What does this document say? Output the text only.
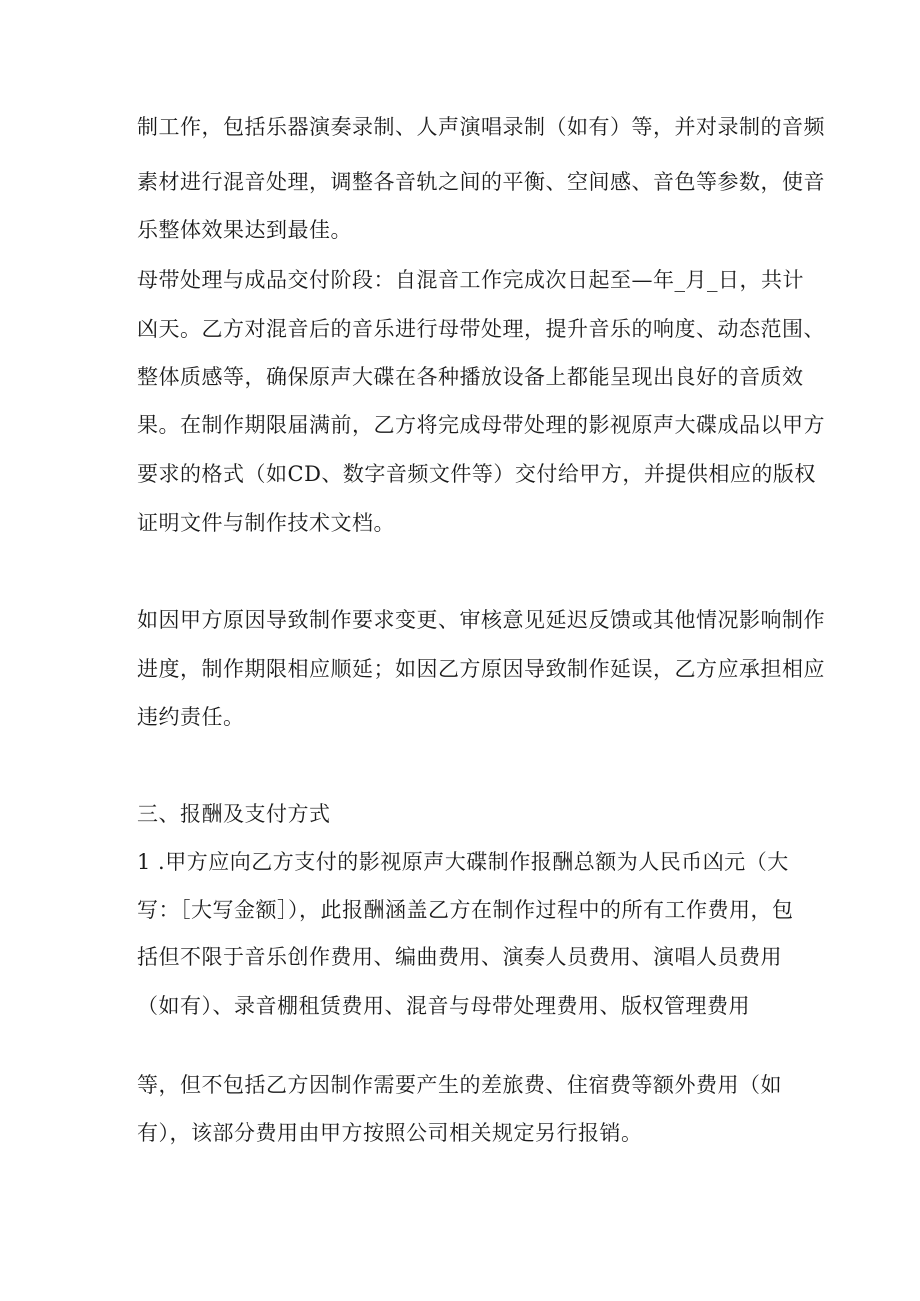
制工作，包括乐器演奏录制、人声演唱录制（如有）等，并对录制的音频
素材进行混音处理，调整各音轨之间的平衡、空间感、音色等参数，使音
乐整体效果达到最佳。
母带处理与成品交付阶段：自混音工作完成次日起至—年_月_日，共计
凶天。乙方对混音后的音乐进行母带处理，提升音乐的响度、动态范围、
整体质感等，确保原声大碟在各种播放设备上都能呈现出良好的音质效
果。在制作期限届满前，乙方将完成母带处理的影视原声大碟成品以甲方
要求的格式（如CD、数字音频文件等）交付给甲方，并提供相应的版权
证明文件与制作技术文档。
如因甲方原因导致制作要求变更、审核意见延迟反馈或其他情况影响制作
进度，制作期限相应顺延；如因乙方原因导致制作延误，乙方应承担相应
违约责任。
三、报酬及支付方式
1 .甲方应向乙方支付的影视原声大碟制作报酬总额为人民币凶元（大
写：［大写金额］），此报酬涵盖乙方在制作过程中的所有工作费用，包
括但不限于音乐创作费用、编曲费用、演奏人员费用、演唱人员费用
（如有）、录音棚租赁费用、混音与母带处理费用、版权管理费用
等，但不包括乙方因制作需要产生的差旅费、住宿费等额外费用（如
有），该部分费用由甲方按照公司相关规定另行报销。
